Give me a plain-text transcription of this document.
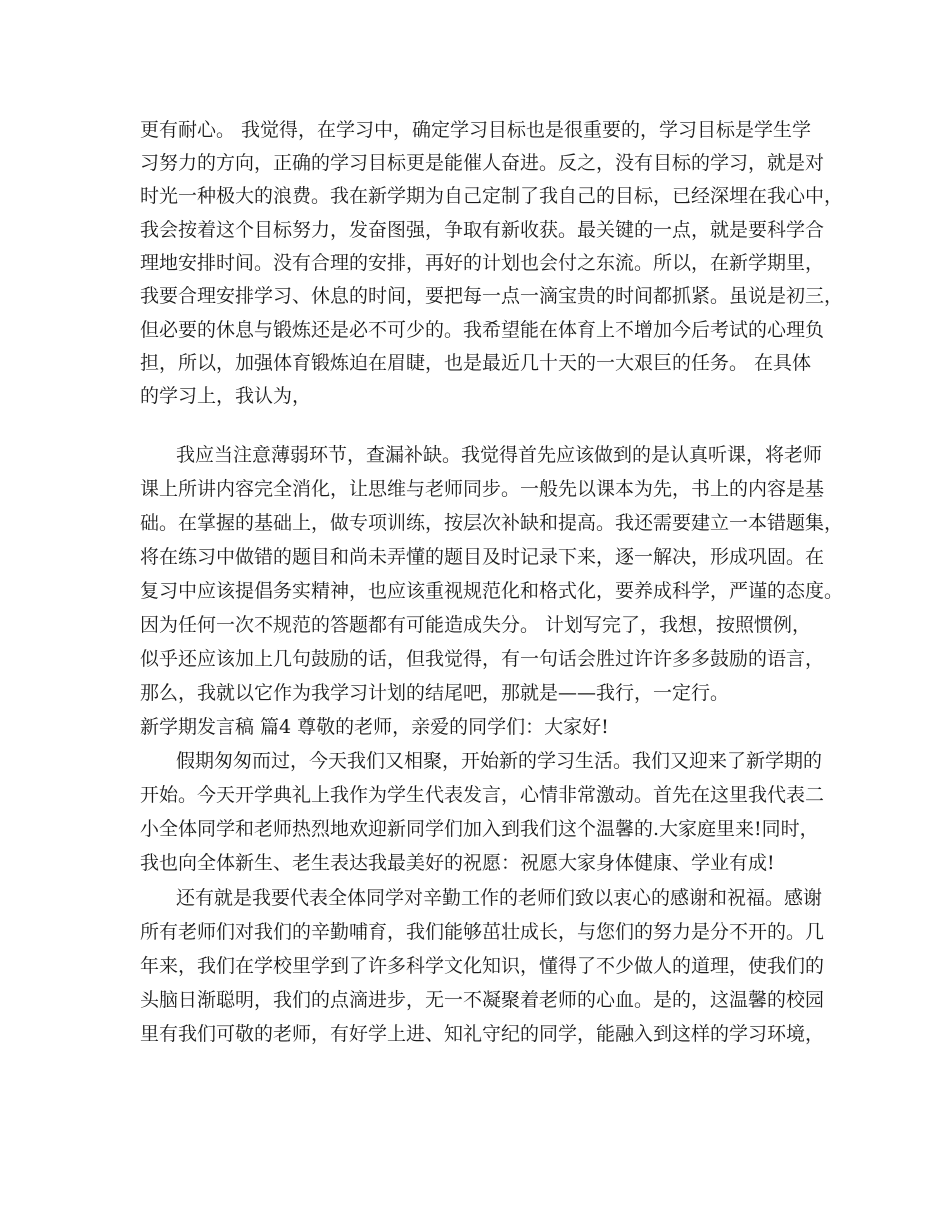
更有耐心。 我觉得，在学习中，确定学习目标也是很重要的，学习目标是学生学
习努力的方向，正确的学习目标更是能催人奋进。反之，没有目标的学习，就是对
时光一种极大的浪费。我在新学期为自己定制了我自己的目标，已经深埋在我心中，
我会按着这个目标努力，发奋图强，争取有新收获。最关键的一点，就是要科学合
理地安排时间。没有合理的安排，再好的计划也会付之东流。所以，在新学期里，
我要合理安排学习、休息的时间，要把每一点一滴宝贵的时间都抓紧。虽说是初三，
但必要的休息与锻炼还是必不可少的。我希望能在体育上不增加今后考试的心理负
担，所以，加强体育锻炼迫在眉睫，也是最近几十天的一大艰巨的任务。 在具体
的学习上，我认为，
我应当注意薄弱环节，查漏补缺。我觉得首先应该做到的是认真听课，将老师
课上所讲内容完全消化，让思维与老师同步。一般先以课本为先，书上的内容是基
础。在掌握的基础上，做专项训练，按层次补缺和提高。我还需要建立一本错题集，
将在练习中做错的题目和尚未弄懂的题目及时记录下来，逐一解决，形成巩固。在
复习中应该提倡务实精神，也应该重视规范化和格式化，要养成科学，严谨的态度。
因为任何一次不规范的答题都有可能造成失分。 计划写完了，我想，按照惯例，
似乎还应该加上几句鼓励的话，但我觉得，有一句话会胜过许许多多鼓励的语言，
那么，我就以它作为我学习计划的结尾吧，那就是——我行，一定行。
新学期发言稿 篇4 尊敬的老师，亲爱的同学们：大家好!
假期匆匆而过，今天我们又相聚，开始新的学习生活。我们又迎来了新学期的
开始。今天开学典礼上我作为学生代表发言，心情非常激动。首先在这里我代表二
小全体同学和老师热烈地欢迎新同学们加入到我们这个温馨的.大家庭里来!同时，
我也向全体新生、老生表达我最美好的祝愿：祝愿大家身体健康、学业有成!
还有就是我要代表全体同学对辛勤工作的老师们致以衷心的感谢和祝福。感谢
所有老师们对我们的辛勤哺育，我们能够茁壮成长，与您们的努力是分不开的。几
年来，我们在学校里学到了许多科学文化知识，懂得了不少做人的道理，使我们的
头脑日渐聪明，我们的点滴进步，无一不凝聚着老师的心血。是的，这温馨的校园
里有我们可敬的老师，有好学上进、知礼守纪的同学，能融入到这样的学习环境，
